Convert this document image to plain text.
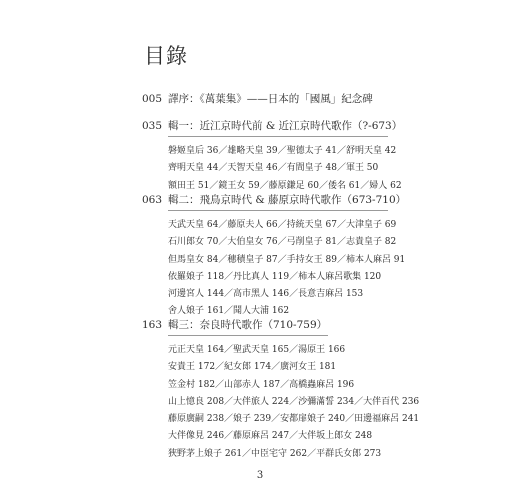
目錄
005 譯序：《萬葉集》——日本的「國風」紀念碑
035 輯一：近江京時代前 & 近江京時代歌作（?-673）
磐姬皇后 36／雄略天皇 39／聖德太子 41／舒明天皇 42
齊明天皇 44／天智天皇 46／有間皇子 48／軍王 50
額田王 51／鏡王女 59／藤原鎌足 60／倭名 61／婦人 62
063 輯二：飛鳥京時代 & 藤原京時代歌作（673-710）
天武天皇 64／藤原夫人 66／持統天皇 67／大津皇子 69
石川郎女 70／大伯皇女 76／弓削皇子 81／志貴皇子 82
但馬皇女 84／穗積皇子 87／手持女王 89／柿本人麻呂 91
依羅娘子 118／丹比真人 119／柿本人麻呂歌集 120
河邊宮人 144／高市黑人 146／長意吉麻呂 153
舍人娘子 161／聞人大浦 162
163 輯三：奈良時代歌作（710-759）
元正天皇 164／聖武天皇 165／湯原王 166
安貴王 172／紀女郎 174／廣河女王 181
笠金村 182／山部赤人 187／高橋蟲麻呂 196
山上憶良 208／大伴旅人 224／沙彌滿誓 234／大伴百代 236
藤原廣嗣 238／娘子 239／安都扉娘子 240／田邊福麻呂 241
大伴像見 246／藤原麻呂 247／大伴坂上郎女 248
狹野茅上娘子 261／中臣宅守 262／平群氏女郎 273
3
